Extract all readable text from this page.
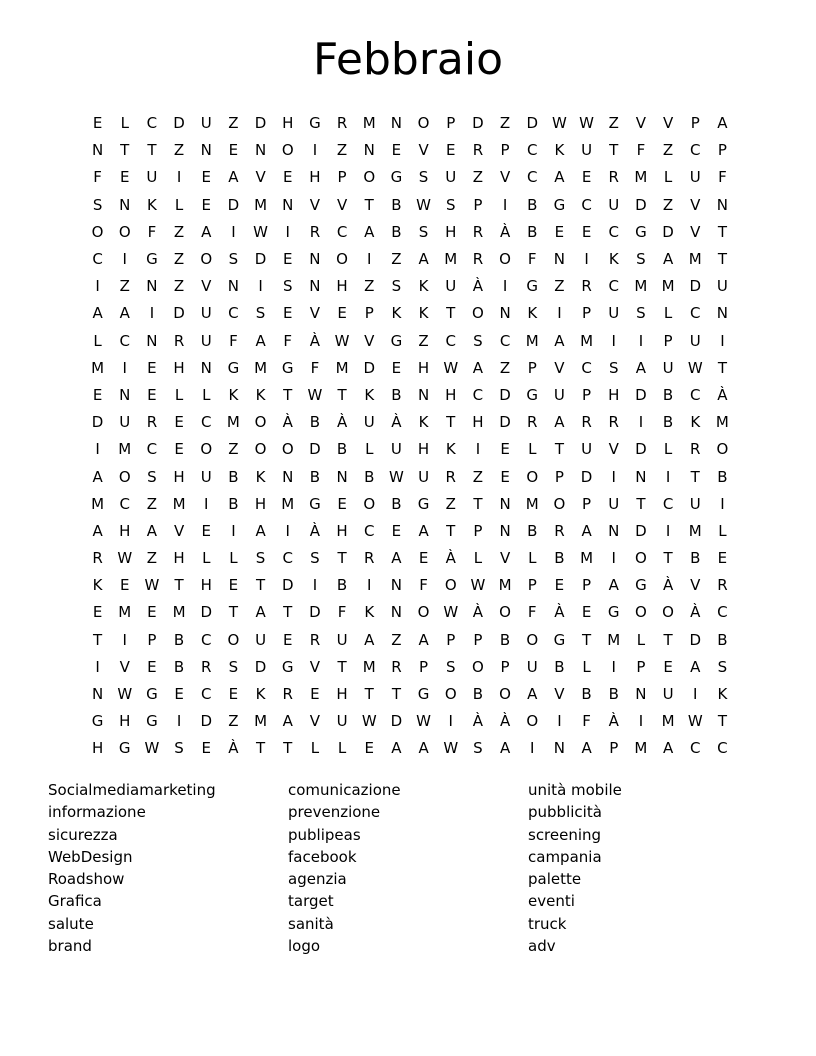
Febbraio
E	L	C	D	U	Z	D	H	G	R	M	N	O	P	D	Z	D W W Z	V	V	P	A
N	T	T	Z	N	E	N	O	I	Z	N	E	V	E	R	P	C	K	U	T	F	Z	C	P
F	E	U	I	E	A	V	E	H	P	O	G	S	U	Z	V	C	A	E	R	M	L	U	F
S	N	K	L	E	D M	N	V	V	T	B W S	P	I	B	G	C	U	D	Z	V	N
O	O	F	Z	A	I	W	I	R	C	A	B	S	H	R	À	B	E	E	C	G	D	V	T
C	I	G	Z	O	S	D	E	N	O	I	Z	A	M	R	O	F	N	I	K	S	A	M	T
I	Z	N	Z	V	N	I	S	N	H	Z	S	K	U	À	I	G	Z	R	C	M M D	U
A	A	I	D	U	C	S	E	V	E	P	K	K	T	O	N	K	I	P	U	S	L	C	N
L	C	N	R	U	F	A	F	À W V	G	Z	C	S	C	M	A	M	I	I	P	U	I
M	I	E	H	N	G M G	F	M D	E	H W A	Z	P	V	C	S	A	U W	T
E	N	E	L	L	K	K	T	W	T	K	B	N	H	C	D	G	U	P	H	D	B	C	À
D	U	R	E	C	M O	À	B	À	U	À	K	T	H	D	R	A	R	R	I	B	K	M
I	M	C	E	O	Z	O	O	D	B	L	U	H	K	I	E	L	T	U	V	D	L	R	O
A	O	S	H	U	B	K	N	B	N	B W U	R	Z	E	O	P	D	I	N	I	T	B
M	C	Z	M	I	B	H	M G	E	O	B	G	Z	T	N	M O	P	U	T	C	U	I
A	H	A	V	E	I	A	I	À	H	C	E	A	T	P	N	B	R	A	N	D	I	M	L
R W Z	H	L	L	S	C	S	T	R	A	E	À	L	V	L	B	M	I	O	T	B	E
K	E	W	T	H	E	T	D	I	B	I	N	F	O W M	P	E	P	A	G	À	V	R
E	M	E	M D	T	A	T	D	F	K	N	O W À	O	F	À	E	G	O	O	À	C
T	I	P	B	C	O	U	E	R	U	A	Z	A	P	P	B	O	G	T	M	L	T	D	B
I	V	E	B	R	S	D	G	V	T	M	R	P	S	O	P	U	B	L	I	P	E	A	S
N W G	E	C	E	K	R	E	H	T	T	G	O	B	O	A	V	B	B	N	U	I	K
G	H	G	I	D	Z	M	A	V	U W D W	I	À	À	O	I	F	À	I	M W	T
H	G W S	E	À	T	T	L	L	E	A	A W S	A	I	N	A	P	M	A	C	C
Socialmediamarketing
informazione
sicurezza
WebDesign
Roadshow
Grafica
salute
brand
comunicazione
prevenzione
publipeas
facebook
agenzia
target
sanità
logo
unità mobile
pubblicità
screening
campania
palette
eventi
truck
adv
